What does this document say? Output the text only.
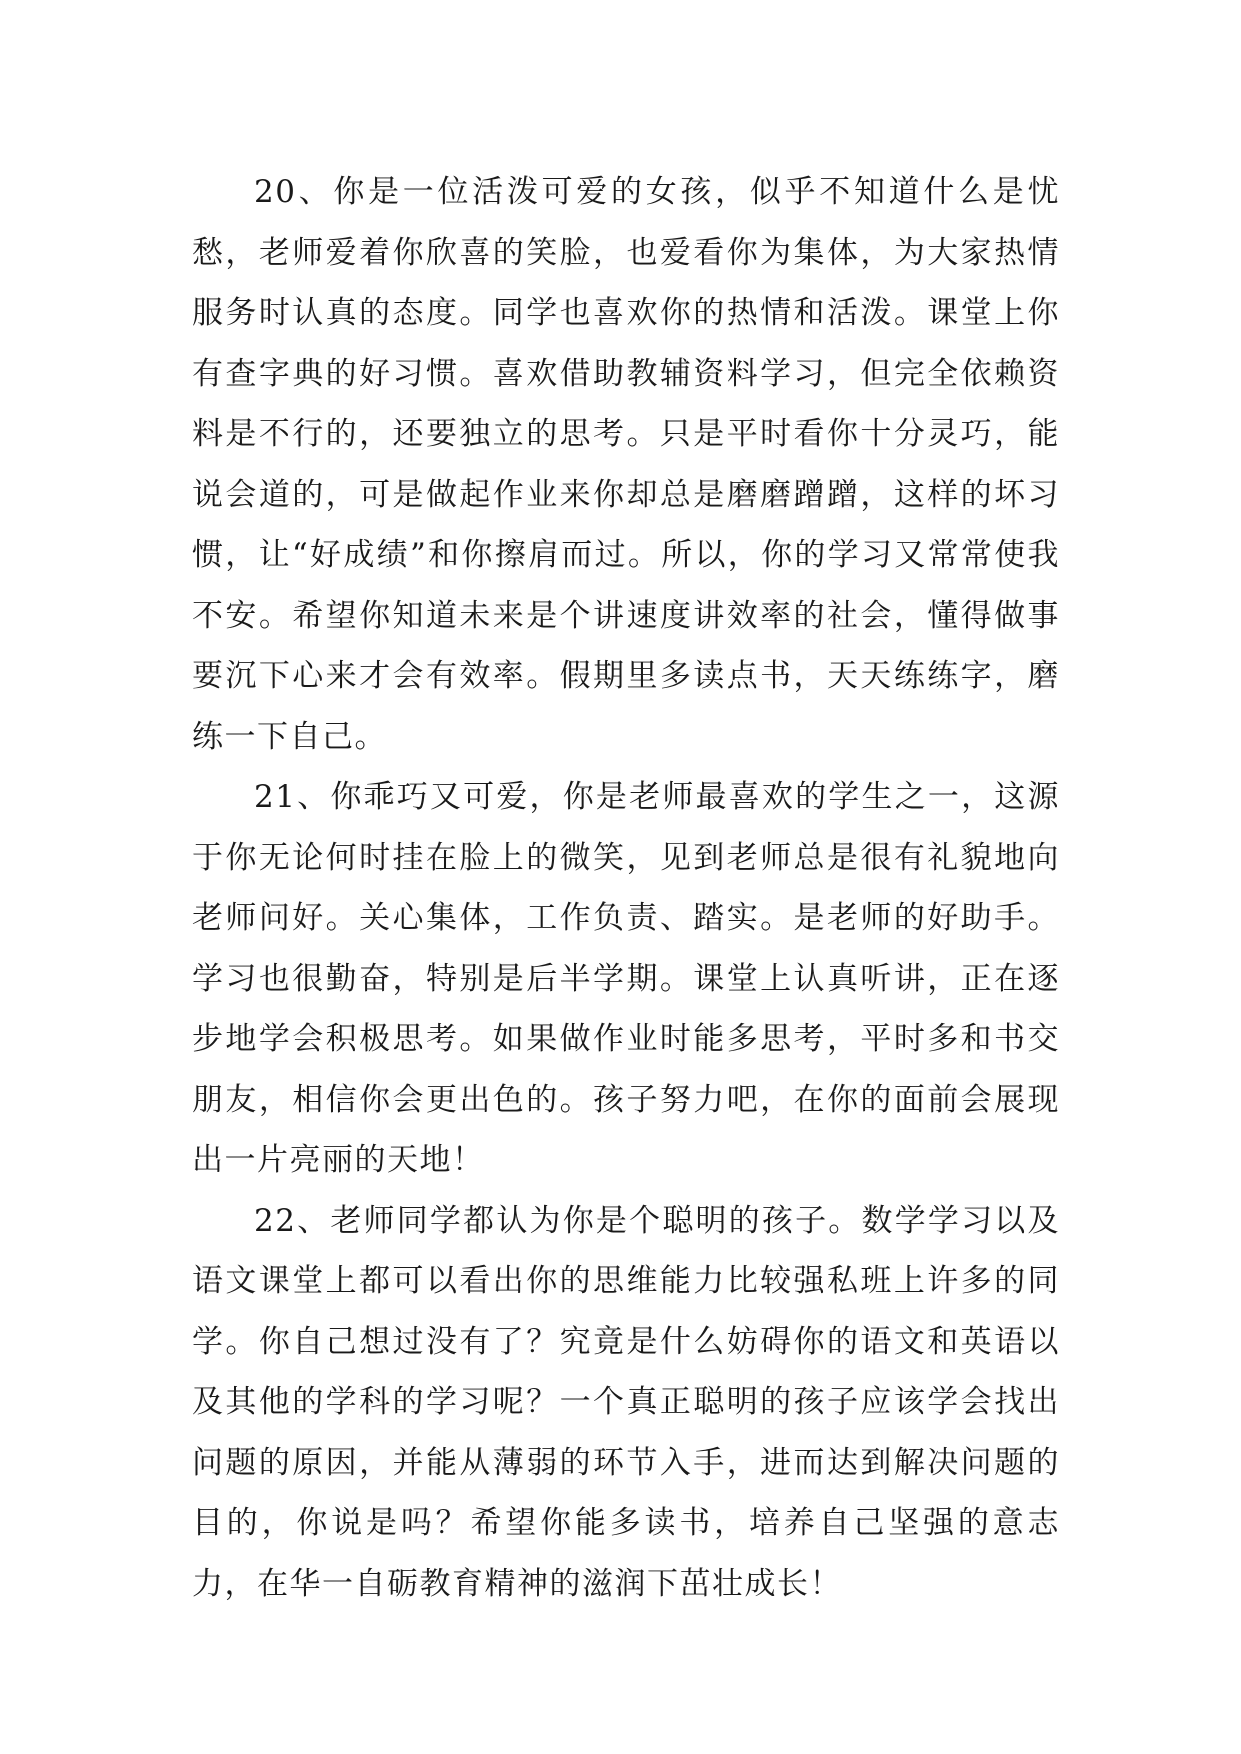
20、你是一位活泼可爱的女孩，似乎不知道什么是忧愁，老师爱着你欣喜的笑脸，也爱看你为集体，为大家热情服务时认真的态度。同学也喜欢你的热情和活泼。课堂上你有查字典的好习惯。喜欢借助教辅资料学习，但完全依赖资料是不行的，还要独立的思考。只是平时看你十分灵巧，能说会道的，可是做起作业来你却总是磨磨蹭蹭，这样的坏习惯，让“好成绩”和你擦肩而过。所以，你的学习又常常使我不安。希望你知道未来是个讲速度讲效率的社会，懂得做事要沉下心来才会有效率。假期里多读点书，天天练练字，磨练一下自己。

21、你乖巧又可爱，你是老师最喜欢的学生之一，这源于你无论何时挂在脸上的微笑，见到老师总是很有礼貌地向老师问好。关心集体，工作负责、踏实。是老师的好助手。学习也很勤奋，特别是后半学期。课堂上认真听讲，正在逐步地学会积极思考。如果做作业时能多思考，平时多和书交朋友，相信你会更出色的。孩子努力吧，在你的面前会展现出一片亮丽的天地！

22、老师同学都认为你是个聪明的孩子。数学学习以及语文课堂上都可以看出你的思维能力比较强私班上许多的同学。你自己想过没有了？究竟是什么妨碍你的语文和英语以及其他的学科的学习呢？一个真正聪明的孩子应该学会找出问题的原因，并能从薄弱的环节入手，进而达到解决问题的目的，你说是吗？希望你能多读书，培养自己坚强的意志力，在华一自砺教育精神的滋润下茁壮成长！
